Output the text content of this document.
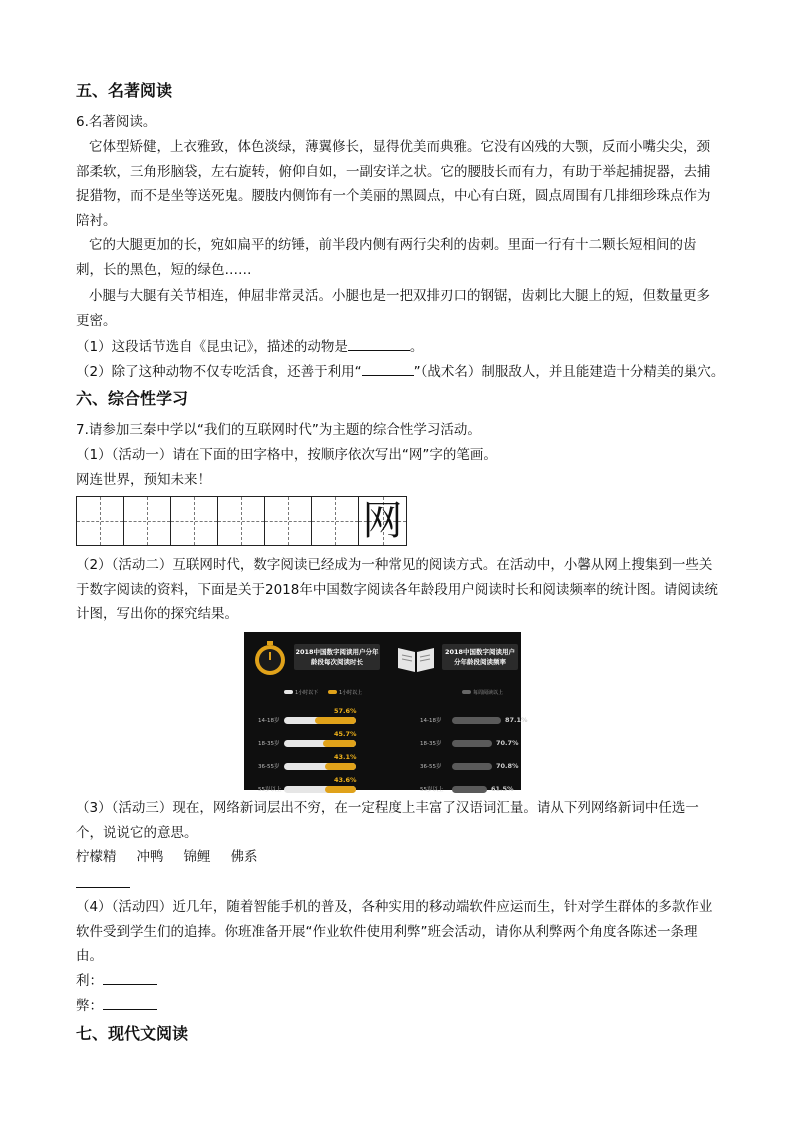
五、名著阅读
6.名著阅读。
它体型矫健，上衣雅致，体色淡绿，薄翼修长，显得优美而典雅。它没有凶残的大颚，反而小嘴尖尖，颈部柔软，三角形脑袋，左右旋转，俯仰自如，一副安详之状。它的腰肢长而有力，有助于举起捕捉器，去捕捉猎物，而不是坐等送死鬼。腰肢内侧饰有一个美丽的黑圆点，中心有白斑，圆点周围有几排细珍珠点作为陪衬。
它的大腿更加的长，宛如扁平的纺锤，前半段内侧有两行尖利的齿刺。里面一行有十二颗长短相间的齿刺，长的黑色，短的绿色……
小腿与大腿有关节相连，伸屈非常灵活。小腿也是一把双排刃口的钢锯，齿刺比大腿上的短，但数量更多更密。
（1）这段话节选自《昆虫记》，描述的动物是	。
（2）除了这种动物不仅专吃活食，还善于利用“	”（战术名）制服敌人，并且能建造十分精美的巢穴。
六、综合性学习
7.请参加三秦中学以“我们的互联网时代”为主题的综合性学习活动。
（1）（活动一）请在下面的田字格中，按顺序依次写出“网”字的笔画。
网连世界，预知未来！
网
（2）（活动二）互联网时代，数字阅读已经成为一种常见的阅读方式。在活动中，小馨从网上搜集到一些关于数字阅读的资料，下面是关于2018年中国数字阅读各年龄段用户阅读时长和阅读频率的统计图。请阅读统计图，写出你的探究结果。
2018中国数字阅读用户分年龄段每次阅读时长
2018中国数字阅读用户分年龄段阅读频率
1小时以下	1小时以上	每周阅读以上
14-18岁
57.6%
18-35岁
45.7%
36-55岁
43.1%
55岁以上
43.6%
14-18岁	87.1%
18-35岁	70.7%
36-55岁	70.8%
55岁以上	61.5%
（3）（活动三）现在，网络新词层出不穷，在一定程度上丰富了汉语词汇量。请从下列网络新词中任选一个，说说它的意思。
柠檬精 冲鸭 锦鲤 佛系
（4）（活动四）近几年，随着智能手机的普及，各种实用的移动端软件应运而生，针对学生群体的多款作业软件受到学生们的追捧。你班准备开展“作业软件使用利弊”班会活动，请你从利弊两个角度各陈述一条理由。
利：
弊：
七、现代文阅读
